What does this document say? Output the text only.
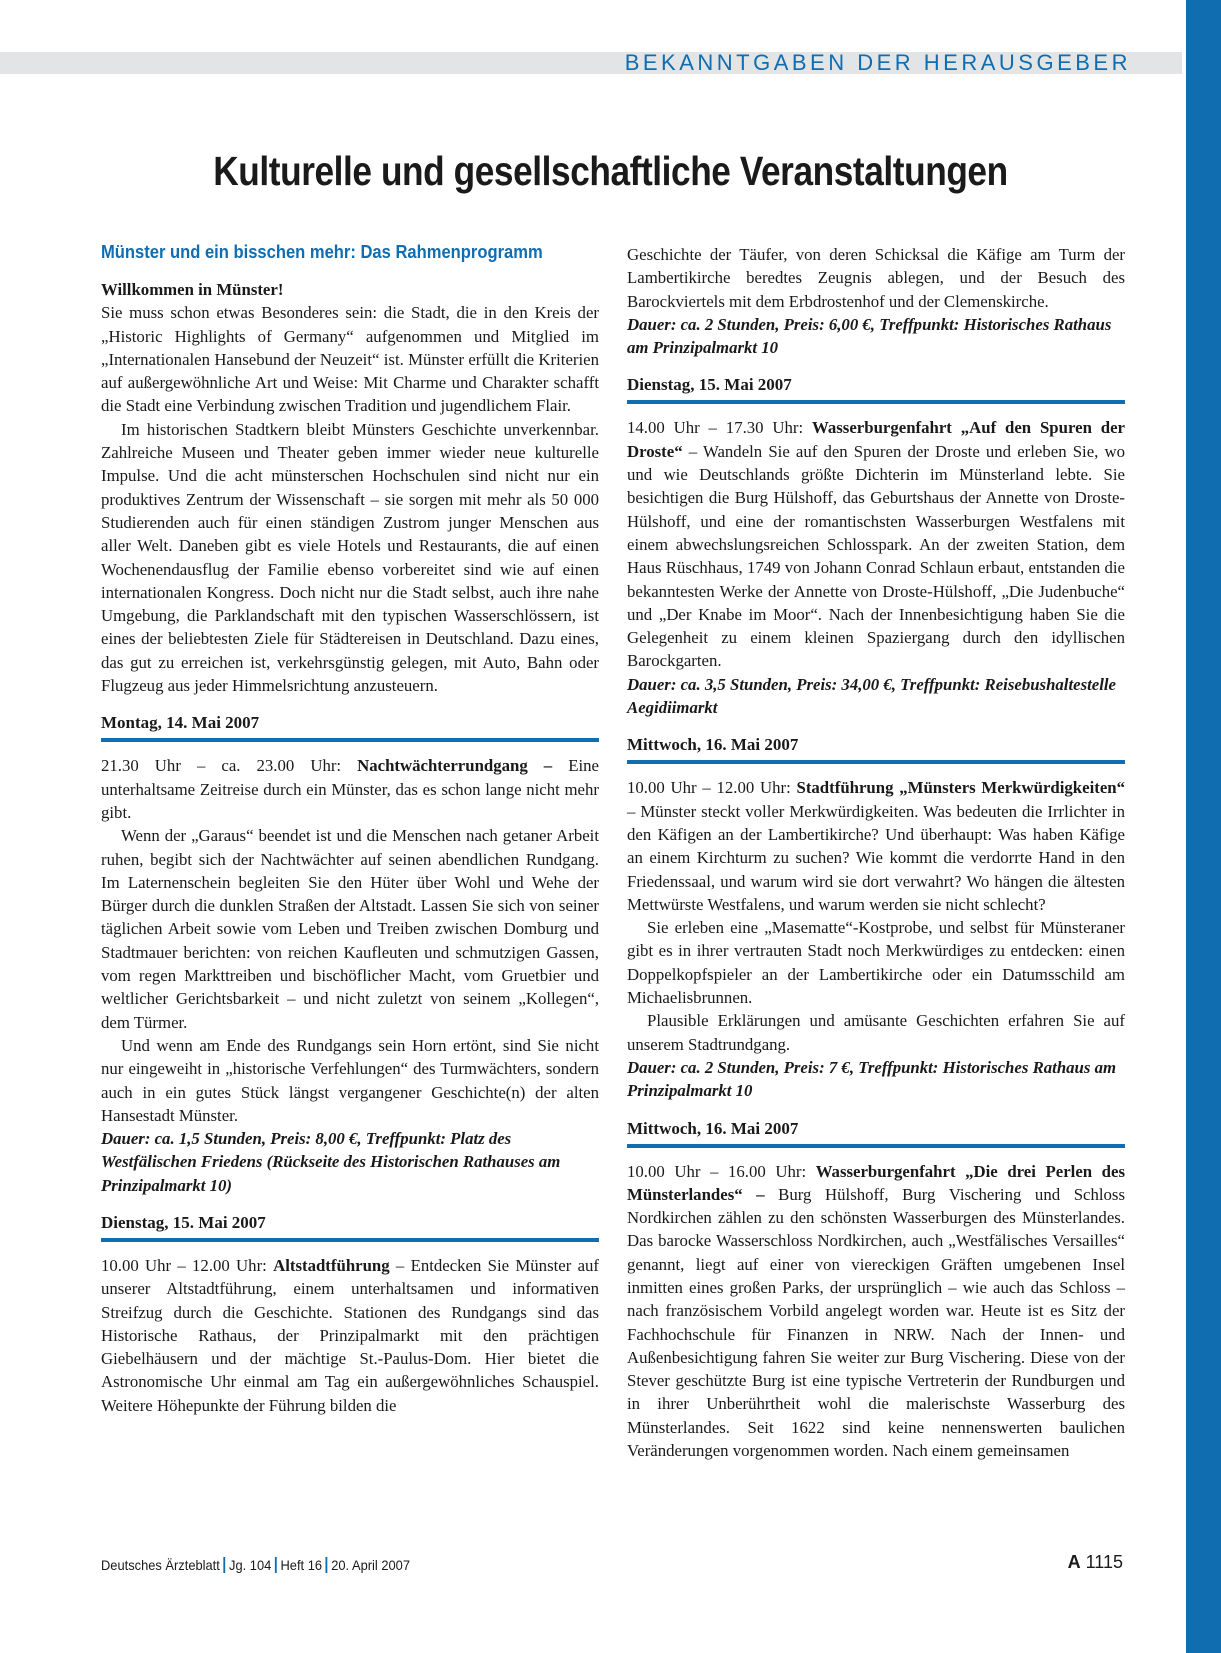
BEKANNTGABEN DER HERAUSGEBER
Kulturelle und gesellschaftliche Veranstaltungen
Münster und ein bisschen mehr: Das Rahmenprogramm

Willkommen in Münster!

Sie muss schon etwas Besonderes sein: die Stadt, die in den Kreis der „Historic Highlights of Germany“ aufgenommen und Mitglied im „Internationalen Hansebund der Neuzeit“ ist. Münster erfüllt die Kriterien auf außergewöhnliche Art und Weise: Mit Charme und Charakter schafft die Stadt eine Verbindung zwischen Tradition und jugendlichem Flair.

Im historischen Stadtkern bleibt Münsters Geschichte unverkennbar. Zahlreiche Museen und Theater geben immer wieder neue kulturelle Impulse. Und die acht münsterschen Hochschulen sind nicht nur ein produktives Zentrum der Wissenschaft – sie sorgen mit mehr als 50 000 Studierenden auch für einen ständigen Zustrom junger Menschen aus aller Welt. Daneben gibt es viele Hotels und Restaurants, die auf einen Wochenendausflug der Familie ebenso vorbereitet sind wie auf einen internationalen Kongress. Doch nicht nur die Stadt selbst, auch ihre nahe Umgebung, die Parklandschaft mit den typischen Wasserschlössern, ist eines der beliebtesten Ziele für Städtereisen in Deutschland. Dazu eines, das gut zu erreichen ist, verkehrsgünstig gelegen, mit Auto, Bahn oder Flugzeug aus jeder Himmelsrichtung anzusteuern.

Montag, 14. Mai 2007

21.30 Uhr – ca. 23.00 Uhr: Nachtwächterrundgang – Eine unterhaltsame Zeitreise durch ein Münster, das es schon lange nicht mehr gibt.

Wenn der „Garaus“ beendet ist und die Menschen nach getaner Arbeit ruhen, begibt sich der Nachtwächter auf seinen abendlichen Rundgang. Im Laternenschein begleiten Sie den Hüter über Wohl und Wehe der Bürger durch die dunklen Straßen der Altstadt. Lassen Sie sich von seiner täglichen Arbeit sowie vom Leben und Treiben zwischen Domburg und Stadtmauer berichten: von reichen Kaufleuten und schmutzigen Gassen, vom regen Markttreiben und bischöflicher Macht, vom Gruetbier und weltlicher Gerichtsbarkeit – und nicht zuletzt von seinem „Kollegen“, dem Türmer.

Und wenn am Ende des Rundgangs sein Horn ertönt, sind Sie nicht nur eingeweiht in „historische Verfehlungen“ des Turmwächters, sondern auch in ein gutes Stück längst vergangener Geschichte(n) der alten Hansestadt Münster.

Dauer: ca. 1,5 Stunden, Preis: 8,00 €, Treffpunkt: Platz des Westfälischen Friedens (Rückseite des Historischen Rathauses am Prinzipalmarkt 10)

Dienstag, 15. Mai 2007

10.00 Uhr – 12.00 Uhr: Altstadtführung – Entdecken Sie Münster auf unserer Altstadtführung, einem unterhaltsamen und informativen Streifzug durch die Geschichte. Stationen des Rundgangs sind das Historische Rathaus, der Prinzipalmarkt mit den prächtigen Giebelhäusern und der mächtige St.-Paulus-Dom. Hier bietet die Astronomische Uhr einmal am Tag ein außergewöhnliches Schauspiel. Weitere Höhepunkte der Führung bilden die

Geschichte der Täufer, von deren Schicksal die Käfige am Turm der Lambertikirche beredtes Zeugnis ablegen, und der Besuch des Barockviertels mit dem Erbdrostenhof und der Clemenskirche.

Dauer: ca. 2 Stunden, Preis: 6,00 €, Treffpunkt: Historisches Rathaus am Prinzipalmarkt 10

Dienstag, 15. Mai 2007

14.00 Uhr – 17.30 Uhr: Wasserburgenfahrt „Auf den Spuren der Droste“ – Wandeln Sie auf den Spuren der Droste und erleben Sie, wo und wie Deutschlands größte Dichterin im Münsterland lebte. Sie besichtigen die Burg Hülshoff, das Geburtshaus der Annette von Droste-Hülshoff, und eine der romantischsten Wasserburgen Westfalens mit einem abwechslungsreichen Schlosspark. An der zweiten Station, dem Haus Rüschhaus, 1749 von Johann Conrad Schlaun erbaut, entstanden die bekanntesten Werke der Annette von Droste-Hülshoff, „Die Judenbuche“ und „Der Knabe im Moor“. Nach der Innenbesichtigung haben Sie die Gelegenheit zu einem kleinen Spaziergang durch den idyllischen Barockgarten.

Dauer: ca. 3,5 Stunden, Preis: 34,00 €, Treffpunkt: Reisebushaltestelle Aegidiimarkt

Mittwoch, 16. Mai 2007

10.00 Uhr – 12.00 Uhr: Stadtführung „Münsters Merkwürdigkeiten“ – Münster steckt voller Merkwürdigkeiten. Was bedeuten die Irrlichter in den Käfigen an der Lambertikirche? Und überhaupt: Was haben Käfige an einem Kirchturm zu suchen? Wie kommt die verdorrte Hand in den Friedenssaal, und warum wird sie dort verwahrt? Wo hängen die ältesten Mettwürste Westfalens, und warum werden sie nicht schlecht?

Sie erleben eine „Masematte“-Kostprobe, und selbst für Münsteraner gibt es in ihrer vertrauten Stadt noch Merkwürdiges zu entdecken: einen Doppelkopfspieler an der Lambertikirche oder ein Datumsschild am Michaelisbrunnen.

Plausible Erklärungen und amüsante Geschichten erfahren Sie auf unserem Stadtrundgang.

Dauer: ca. 2 Stunden, Preis: 7 €, Treffpunkt: Historisches Rathaus am Prinzipalmarkt 10

Mittwoch, 16. Mai 2007

10.00 Uhr – 16.00 Uhr: Wasserburgenfahrt „Die drei Perlen des Münsterlandes“ – Burg Hülshoff, Burg Vischering und Schloss Nordkirchen zählen zu den schönsten Wasserburgen des Münsterlandes. Das barocke Wasserschloss Nordkirchen, auch „Westfälisches Versailles“ genannt, liegt auf einer von viereckigen Gräften umgebenen Insel inmitten eines großen Parks, der ursprünglich – wie auch das Schloss – nach französischem Vorbild angelegt worden war. Heute ist es Sitz der Fachhochschule für Finanzen in NRW. Nach der Innen- und Außenbesichtigung fahren Sie weiter zur Burg Vischering. Diese von der Stever geschützte Burg ist eine typische Vertreterin der Rundburgen und in ihrer Unberührtheit wohl die malerischste Wasserburg des Münsterlandes. Seit 1622 sind keine nennenswerten baulichen Veränderungen vorgenommen worden. Nach einem gemeinsamen

Deutsches Ärzteblatt Jg. 104 Heft 16 20. April 2007	A 1115
